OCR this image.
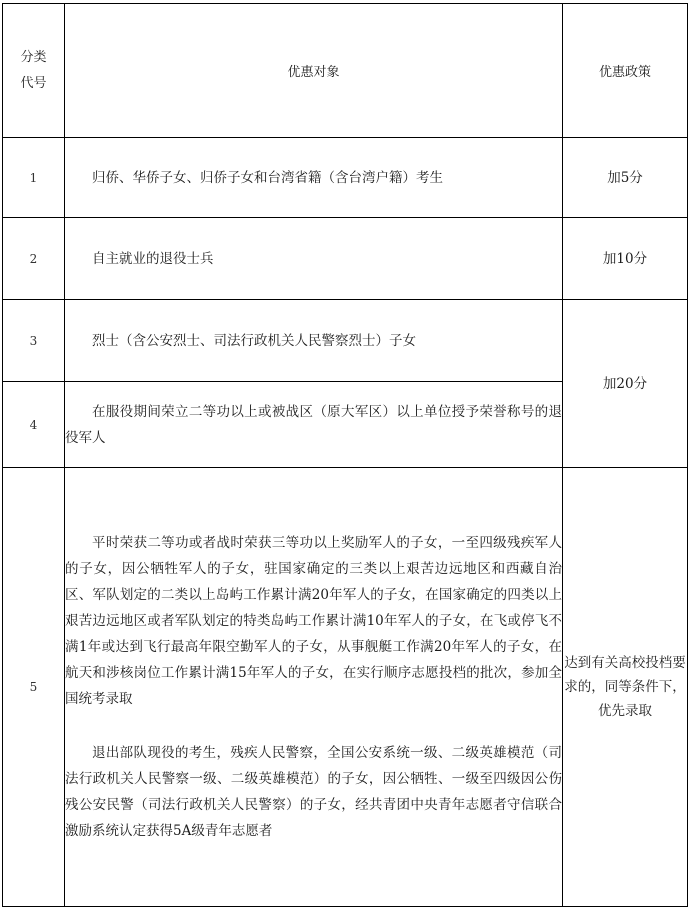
分类
代号	优惠对象	优惠政策
1	归侨、华侨子女、归侨子女和台湾省籍（含台湾户籍）考生	加5分
2	自主就业的退役士兵	加10分
3	烈士（含公安烈士、司法行政机关人民警察烈士）子女	加20分
4	在服役期间荣立二等功以上或被战区（原大军区）以上单位授予荣誉称号的退役军人	

5	平时荣获二等功或者战时荣获三等功以上奖励军人的子女，一至四级残疾军人的子女，因公牺牲军人的子女，驻国家确定的三类以上艰苦边远地区和西藏自治区、军队划定的二类以上岛屿工作累计满20年军人的子女，在国家确定的四类以上艰苦边远地区或者军队划定的特类岛屿工作累计满10年军人的子女，在飞或停飞不满1年或达到飞行最高年限空勤军人的子女，从事舰艇工作满20年军人的子女，在航天和涉核岗位工作累计满15年军人的子女，在实行顺序志愿投档的批次，参加全国统考录取
退出部队现役的考生，残疾人民警察，全国公安系统一级、二级英雄模范（司法行政机关人民警察一级、二级英雄模范）的子女，因公牺牲、一级至四级因公伤残公安民警（司法行政机关人民警察）的子女，经共青团中央青年志愿者守信联合激励系统认定获得5A级青年志愿者	达到有关高校投档要求的，同等条件下，优先录取
